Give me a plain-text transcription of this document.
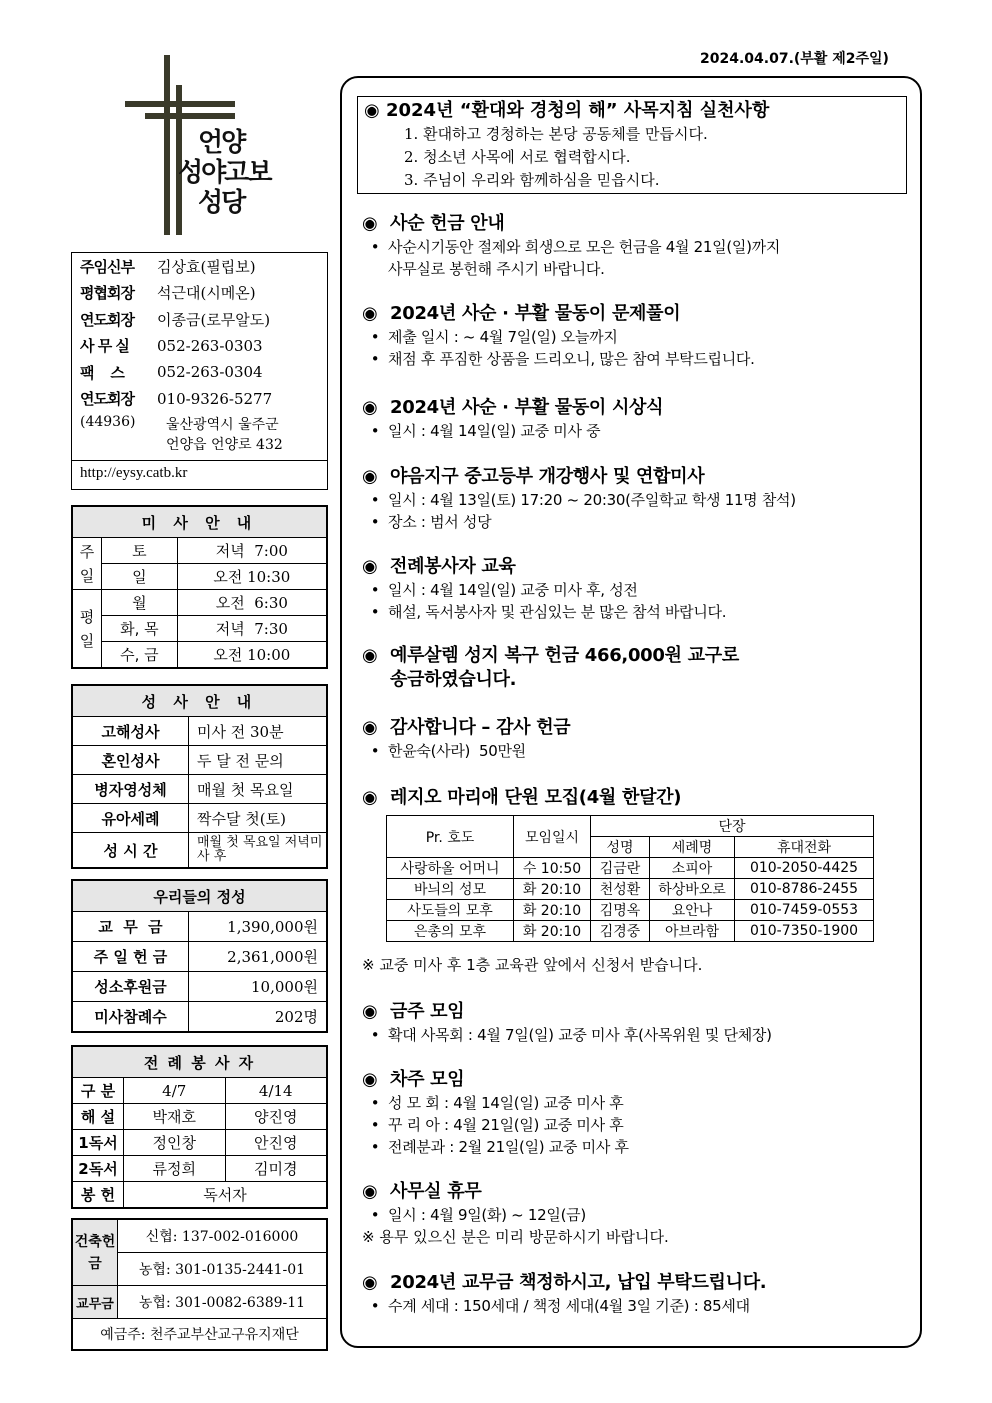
2024.04.07.(부활 제2주일)
언양
성야고보
성당
주임신부	김상효(필립보)
평협회장	석근대(시메온)
연도회장	이종금(로무알도)
사 무 실	052-263-0303
팩    스	052-263-0304
연도회장	010-9326-5277
(44936)	울산광역시 울주군
언양읍 언양로 432
http://eysy.catb.kr
미 사 안 내		
주일	토	저녁  7:00
	일	오전 10:30
평일	월	오전  6:30
	화, 목	저녁  7:30
	수, 금	오전 10:00
성 사 안 내	
고해성사	미사 전 30분
혼인성사	두 달 전 문의
병자영성체	매월 첫 목요일
유아세례	짝수달 첫(토)
성 시 간	매월 첫 목요일 저녁미사 후
우리들의 정성	
교  무  금	1,390,000원
주 일 헌 금	2,361,000원
성소후원금	10,000원
미사참례수	202명
전 례 봉 사 자		
구 분	4/7	4/14
해 설	박재호	양진영
1독서	정인창	안진영
2독서	류정희	김미경
봉 헌	독서자	
건축헌금	신협: 137-002-016000
	농협: 301-0135-2441-01
교무금	농협: 301-0082-6389-11
예금주: 천주교부산교구유지재단	
◉ 2024년 “환대와 경청의 해” 사목지침 실천사항
1. 환대하고 경청하는 본당 공동체를 만듭시다.
2. 청소년 사목에 서로 협력합시다.
3. 주님이 우리와 함께하심을 믿읍시다.
◉ 사순 헌금 안내
• 사순시기동안 절제와 희생으로 모은 헌금을 4월 21일(일)까지
사무실로 봉헌해 주시기 바랍니다.
◉ 2024년 사순 · 부활 물동이 문제풀이
• 제출 일시 : ~ 4월 7일(일) 오늘까지
• 채점 후 푸짐한 상품을 드리오니, 많은 참여 부탁드립니다.
◉ 2024년 사순 · 부활 물동이 시상식
• 일시 : 4월 14일(일) 교중 미사 중
◉ 야음지구 중고등부 개강행사 및 연합미사
• 일시 : 4월 13일(토) 17:20 ~ 20:30(주일학교 학생 11명 참석)
• 장소 : 범서 성당
◉ 전례봉사자 교육
• 일시 : 4월 14일(일) 교중 미사 후, 성전
• 해설, 독서봉사자 및 관심있는 분 많은 참석 바랍니다.
◉ 예루살렘 성지 복구 헌금 466,000원 교구로
송금하였습니다.
◉ 감사합니다 – 감사 헌금
• 한윤숙(사라)  50만원
◉ 레지오 마리애 단원 모집(4월 한달간)
Pr. 호도	모임일시	단장		
		성명	세례명	휴대전화
사랑하올 어머니	수 10:50	김금란	소피아	010-2050-4425
바늬의 성모	화 20:10	천성환	하상바오로	010-8786-2455
사도들의 모후	화 20:10	김명옥	요안나	010-7459-0553
은총의 모후	화 20:10	김경중	아브라함	010-7350-1900
※ 교중 미사 후 1층 교육관 앞에서 신청서 받습니다.
◉ 금주 모임
• 확대 사목회 : 4월 7일(일) 교중 미사 후(사목위원 및 단체장)
◉ 차주 모임
• 성 모 회 : 4월 14일(일) 교중 미사 후
• 꾸 리 아 : 4월 21일(일) 교중 미사 후
• 전례분과 : 2월 21일(일) 교중 미사 후
◉ 사무실 휴무
• 일시 : 4월 9일(화) ~ 12일(금)
※ 용무 있으신 분은 미리 방문하시기 바랍니다.
◉ 2024년 교무금 책정하시고, 납입 부탁드립니다.
• 수계 세대 : 150세대 / 책정 세대(4월 3일 기준) : 85세대
